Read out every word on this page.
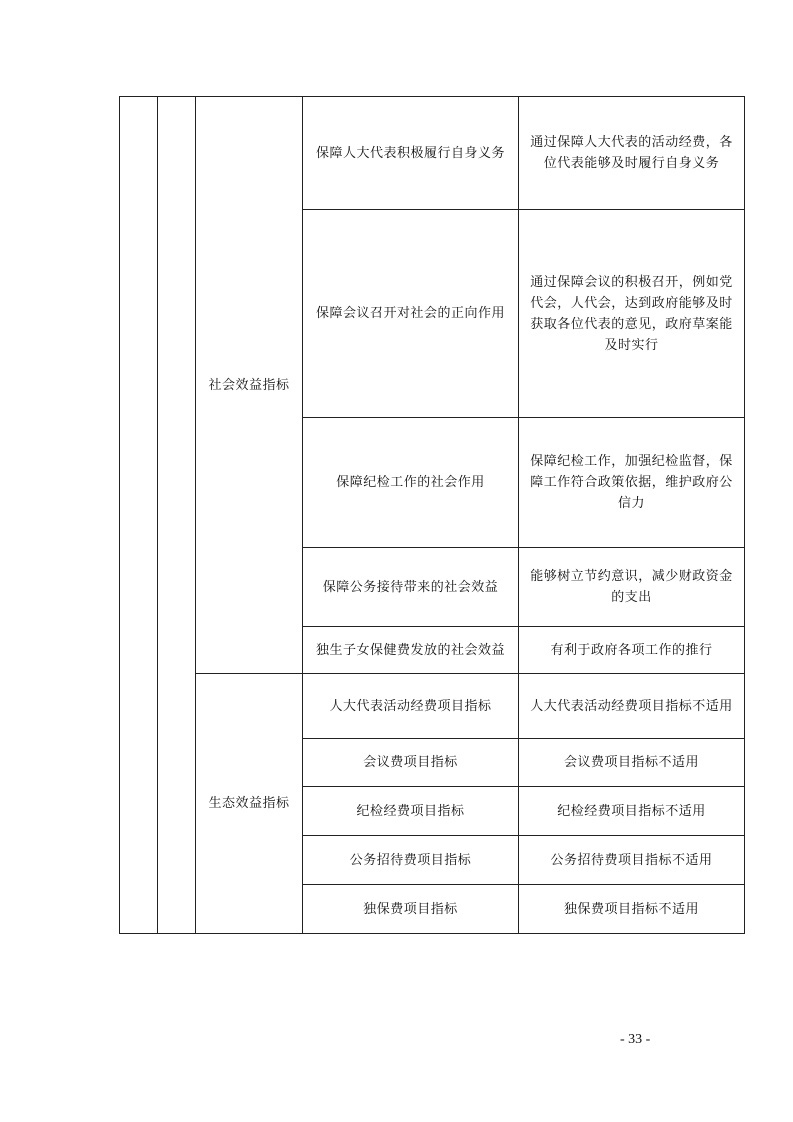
		社会效益指标	保障人大代表积极履行自身义务	通过保障人大代表的活动经费，各位代表能够及时履行自身义务
			保障会议召开对社会的正向作用	通过保障会议的积极召开，例如党代会，人代会，达到政府能够及时获取各位代表的意见，政府草案能及时实行
			保障纪检工作的社会作用	保障纪检工作，加强纪检监督，保障工作符合政策依据，维护政府公信力
			保障公务接待带来的社会效益	能够树立节约意识，减少财政资金的支出
			独生子女保健费发放的社会效益	有利于政府各项工作的推行
		生态效益指标	人大代表活动经费项目指标	人大代表活动经费项目指标不适用
			会议费项目指标	会议费项目指标不适用
			纪检经费项目指标	纪检经费项目指标不适用
			公务招待费项目指标	公务招待费项目指标不适用
			独保费项目指标	独保费项目指标不适用
- 33 -
